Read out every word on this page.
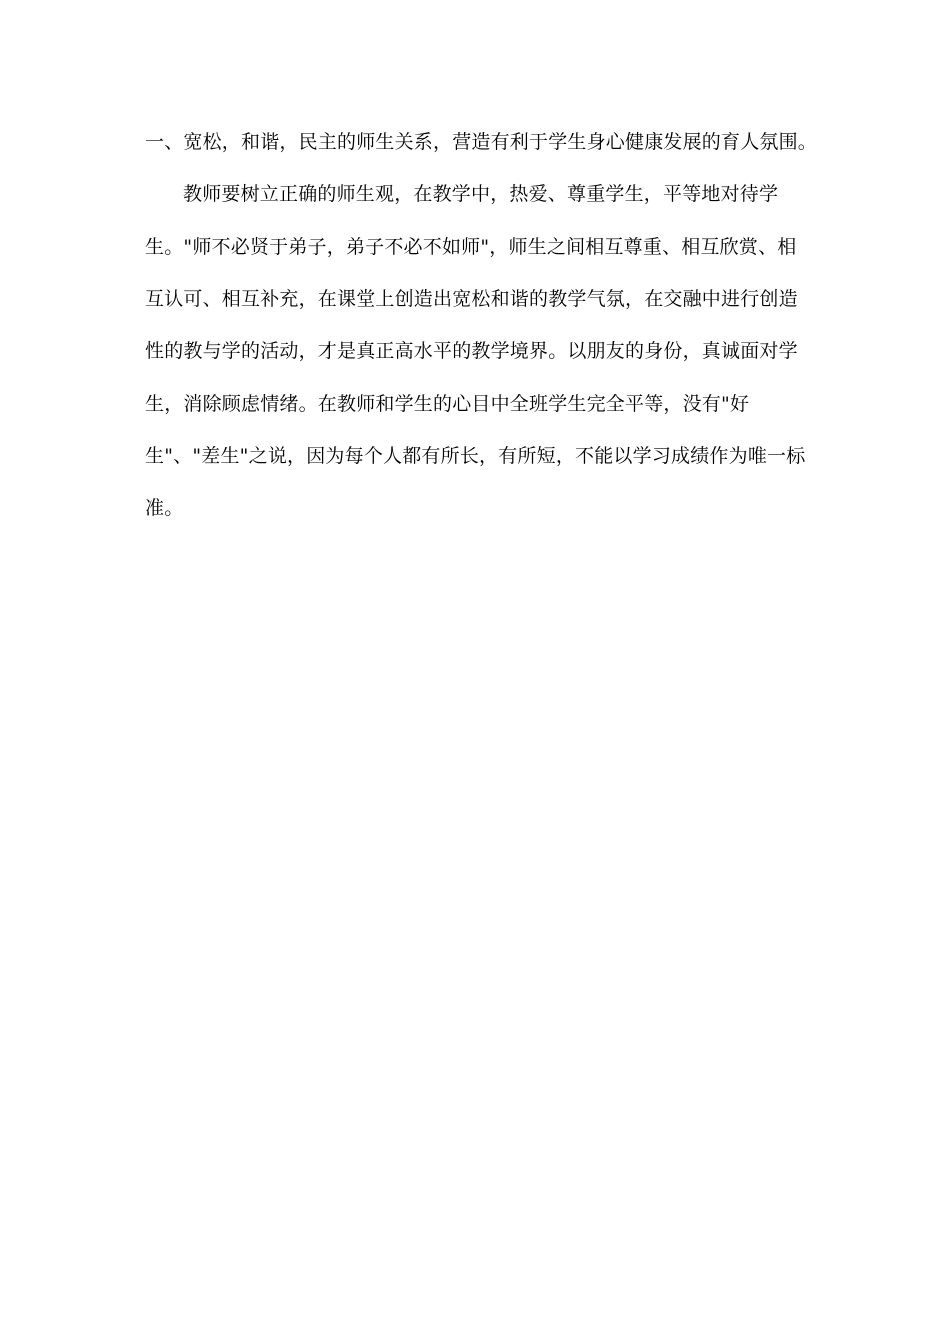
一、宽松，和谐，民主的师生关系，营造有利于学生身心健康发展的育人氛围。
教师要树立正确的师生观，在教学中，热爱、尊重学生，平等地对待学
生。"师不必贤于弟子，弟子不必不如师"，师生之间相互尊重、相互欣赏、相
互认可、相互补充，在课堂上创造出宽松和谐的教学气氛，在交融中进行创造
性的教与学的活动，才是真正高水平的教学境界。以朋友的身份，真诚面对学
生，消除顾虑情绪。在教师和学生的心目中全班学生完全平等，没有"好
生"、"差生"之说，因为每个人都有所长，有所短，不能以学习成绩作为唯一标
准。
